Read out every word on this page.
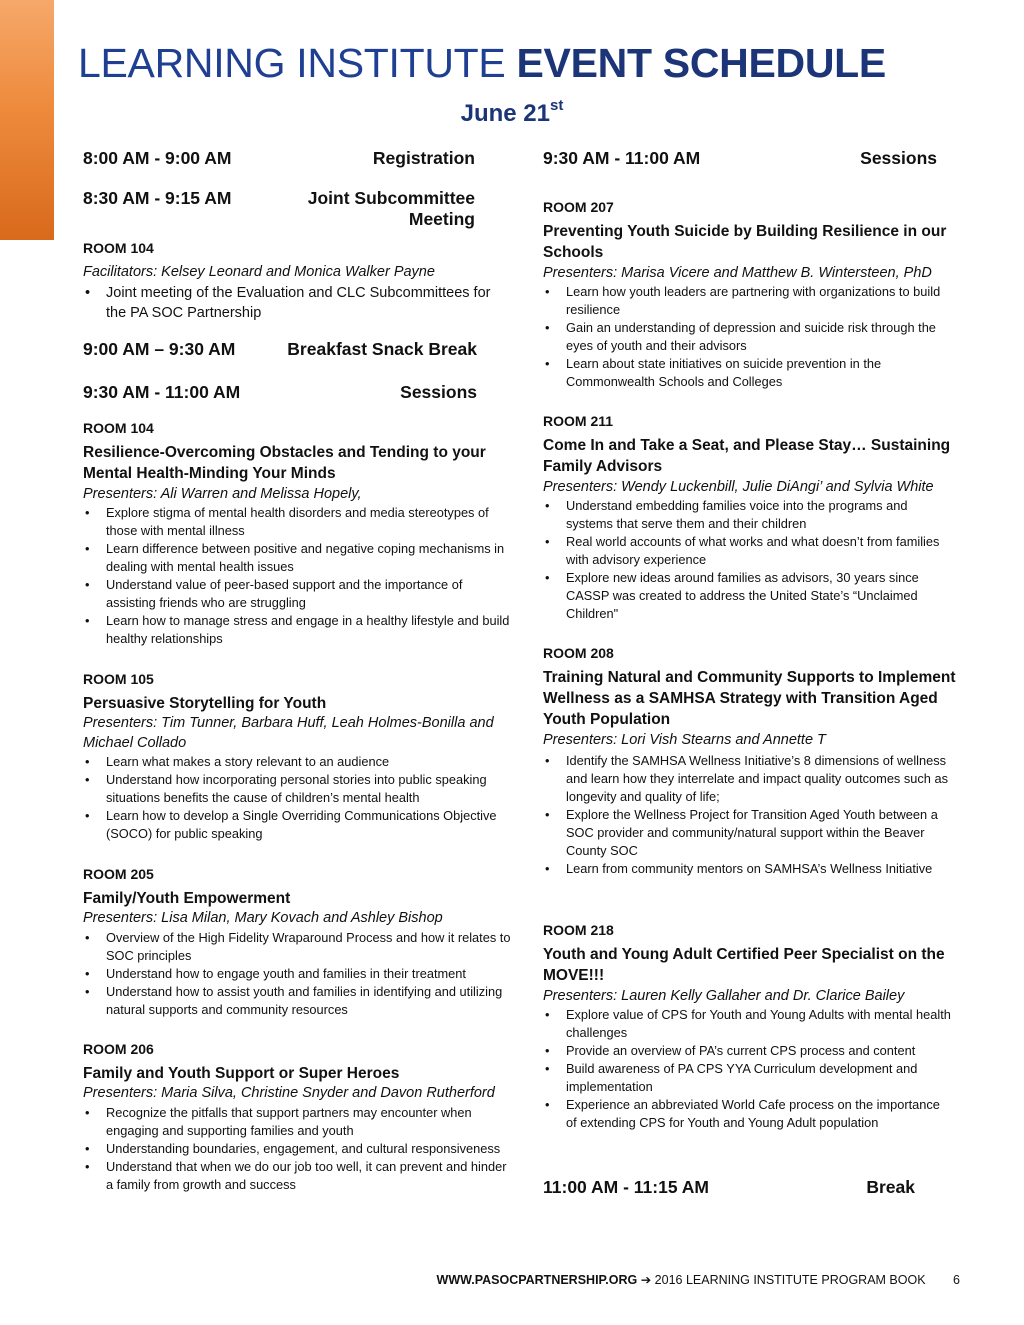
LEARNING INSTITUTE EVENT SCHEDULE
June 21st
8:00 AM - 9:00 AM	Registration
8:30 AM - 9:15 AM	Joint Subcommittee
Meeting
ROOM 104
Facilitators: Kelsey Leonard and Monica Walker Payne
• Joint meeting of the Evaluation and CLC Subcommittees for the PA SOC Partnership
9:00 AM – 9:30 AM	Breakfast Snack Break
9:30 AM - 11:00 AM	Sessions
ROOM 104
Resilience-Overcoming Obstacles and Tending to your Mental Health-Minding Your Minds
Presenters: Ali Warren and Melissa Hopely,
• Explore stigma of mental health disorders and media stereotypes of those with mental illness
• Learn difference between positive and negative coping mechanisms in dealing with mental health issues
• Understand value of peer-based support and the importance of assisting friends who are struggling
• Learn how to manage stress and engage in a healthy lifestyle and build healthy relationships
ROOM 105
Persuasive Storytelling for Youth
Presenters: Tim Tunner, Barbara Huff, Leah Holmes-Bonilla and Michael Collado
• Learn what makes a story relevant to an audience
• Understand how incorporating personal stories into public speaking situations benefits the cause of children’s mental health
• Learn how to develop a Single Overriding Communications Objective (SOCO) for public speaking
ROOM 205
Family/Youth Empowerment
Presenters: Lisa Milan, Mary Kovach and Ashley Bishop
• Overview of the High Fidelity Wraparound Process and how it relates to SOC principles
• Understand how to engage youth and families in their treatment
• Understand how to assist youth and families in identifying and utilizing natural supports and community resources
ROOM 206
Family and Youth Support or Super Heroes
Presenters: Maria Silva, Christine Snyder and Davon Rutherford
• Recognize the pitfalls that support partners may encounter when engaging and supporting families and youth
• Understanding boundaries, engagement, and cultural responsiveness
• Understand that when we do our job too well, it can prevent and hinder a family from growth and success
9:30 AM - 11:00 AM	Sessions
ROOM 207
Preventing Youth Suicide by Building Resilience in our Schools
Presenters: Marisa Vicere and Matthew B. Wintersteen, PhD
• Learn how youth leaders are partnering with organizations to build resilience
• Gain an understanding of depression and suicide risk through the eyes of youth and their advisors
• Learn about state initiatives on suicide prevention in the Commonwealth Schools and Colleges
ROOM 211
Come In and Take a Seat, and Please Stay… Sustaining Family Advisors
Presenters: Wendy Luckenbill, Julie DiAngi’ and Sylvia White
• Understand embedding families voice into the programs and systems that serve them and their children
• Real world accounts of what works and what doesn’t from families with advisory experience
• Explore new ideas around families as advisors, 30 years since CASSP was created to address the United State’s “Unclaimed Children"
ROOM 208
Training Natural and Community Supports to Implement Wellness as a SAMHSA Strategy with Transition Aged Youth Population
Presenters: Lori Vish Stearns and Annette T
• Identify the SAMHSA Wellness Initiative’s 8 dimensions of wellness and learn how they interrelate and impact quality outcomes such as longevity and quality of life;
• Explore the Wellness Project for Transition Aged Youth between a SOC provider and community/natural support within the Beaver County SOC
• Learn from community mentors on SAMHSA’s Wellness Initiative
ROOM 218
Youth and Young Adult Certified Peer Specialist on the MOVE!!!
Presenters: Lauren Kelly Gallaher and Dr. Clarice Bailey
• Explore value of CPS for Youth and Young Adults with mental health challenges
• Provide an overview of PA’s current CPS process and content
• Build awareness of PA CPS YYA Curriculum development and implementation
• Experience an abbreviated World Cafe process on the importance of extending CPS for Youth and Young Adult population
11:00 AM - 11:15 AM	Break
WWW.PASOCPARTNERSHIP.ORG ➔ 2016 LEARNING INSTITUTE PROGRAM BOOK 6
